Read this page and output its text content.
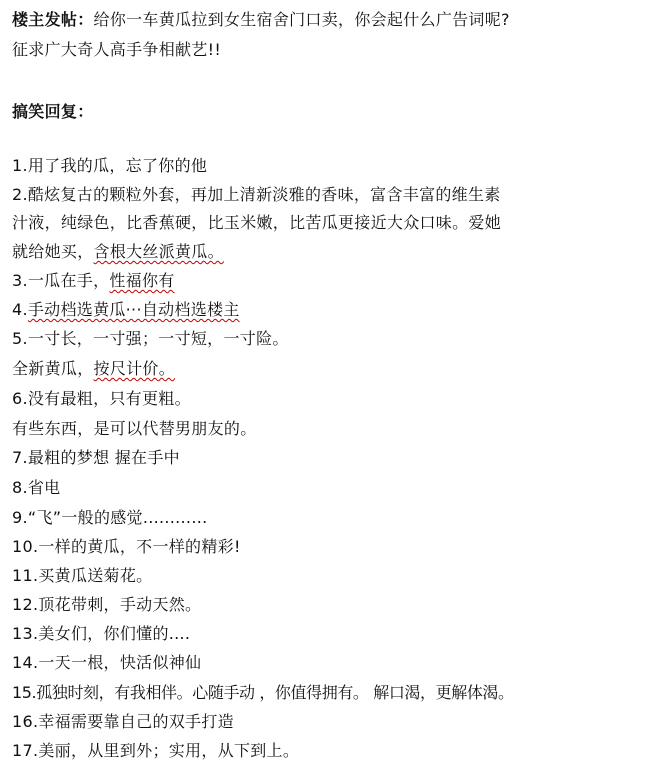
楼主发帖：给你一车黄瓜拉到女生宿舍门口卖，你会起什么广告词呢?
征求广大奇人高手争相献艺!!
搞笑回复：
1.用了我的瓜，忘了你的他
2.酷炫复古的颗粒外套，再加上清新淡雅的香味，富含丰富的维生素
汁液，纯绿色，比香蕉硬，比玉米嫩，比苦瓜更接近大众口味。爱她
就给她买，含根大丝派黄瓜。
3.一瓜在手，性福你有
4.手动档选黄瓜···自动档选楼主
5.一寸长，一寸强；一寸短，一寸险。
全新黄瓜，按尺计价。
6.没有最粗，只有更粗。
有些东西，是可以代替男朋友的。
7.最粗的梦想 握在手中
8.省电
9.“飞”一般的感觉............
10.一样的黄瓜，不一样的精彩!
11.买黄瓜送菊花。
12.顶花带刺，手动天然。
13.美女们，你们懂的....
14.一天一根，快活似神仙
15.孤独时刻，有我相伴。心随手动 ，你值得拥有。 解口渴，更解体渴。
16.幸福需要靠自己的双手打造
17.美丽，从里到外；实用，从下到上。
